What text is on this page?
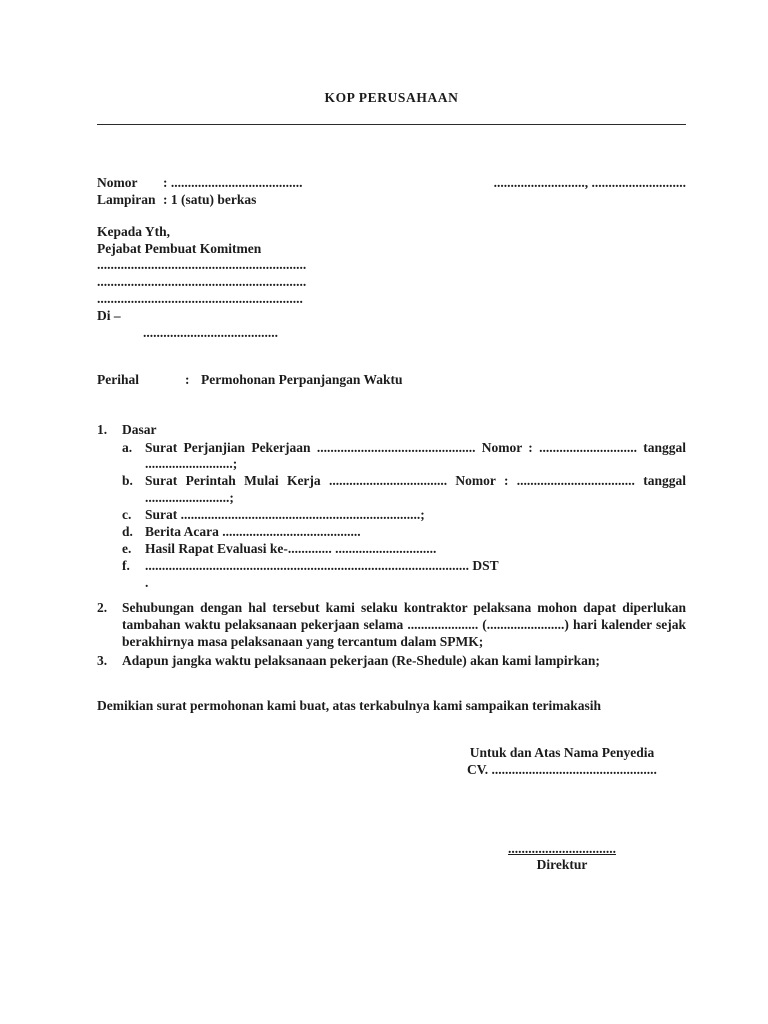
KOP PERUSAHAAN
Nomor	: .......................................	..........................., ............................
Lampiran : 1 (satu) berkas
Kepada Yth,
Pejabat Pembuat Komitmen
..............................................................
..............................................................
.............................................................
Di –
........................................
Perihal	: Permohonan Perpanjangan Waktu
1.	Dasar
a. Surat Perjanjian Pekerjaan ............................................... Nomor : ............................. tanggal ..........................;
b. Surat Perintah Mulai Kerja ................................... Nomor : ................................... tanggal .........................;
c.	Surat .......................................................................;
d. Berita Acara .........................................
e.	Hasil Rapat Evaluasi ke-............. ..............................
f.	................................................................................................ DST
.
2.	Sehubungan dengan hal tersebut kami selaku kontraktor pelaksana mohon dapat diperlukan tambahan waktu pelaksanaan pekerjaan selama ..................... (.......................) hari kalender sejak berakhirnya masa pelaksanaan yang tercantum dalam SPMK;
3.	Adapun jangka waktu pelaksanaan pekerjaan (Re-Shedule) akan kami lampirkan;
Demikian surat permohonan kami buat, atas terkabulnya kami sampaikan terimakasih
Untuk dan Atas Nama Penyedia
CV. .................................................
................................
Direktur
